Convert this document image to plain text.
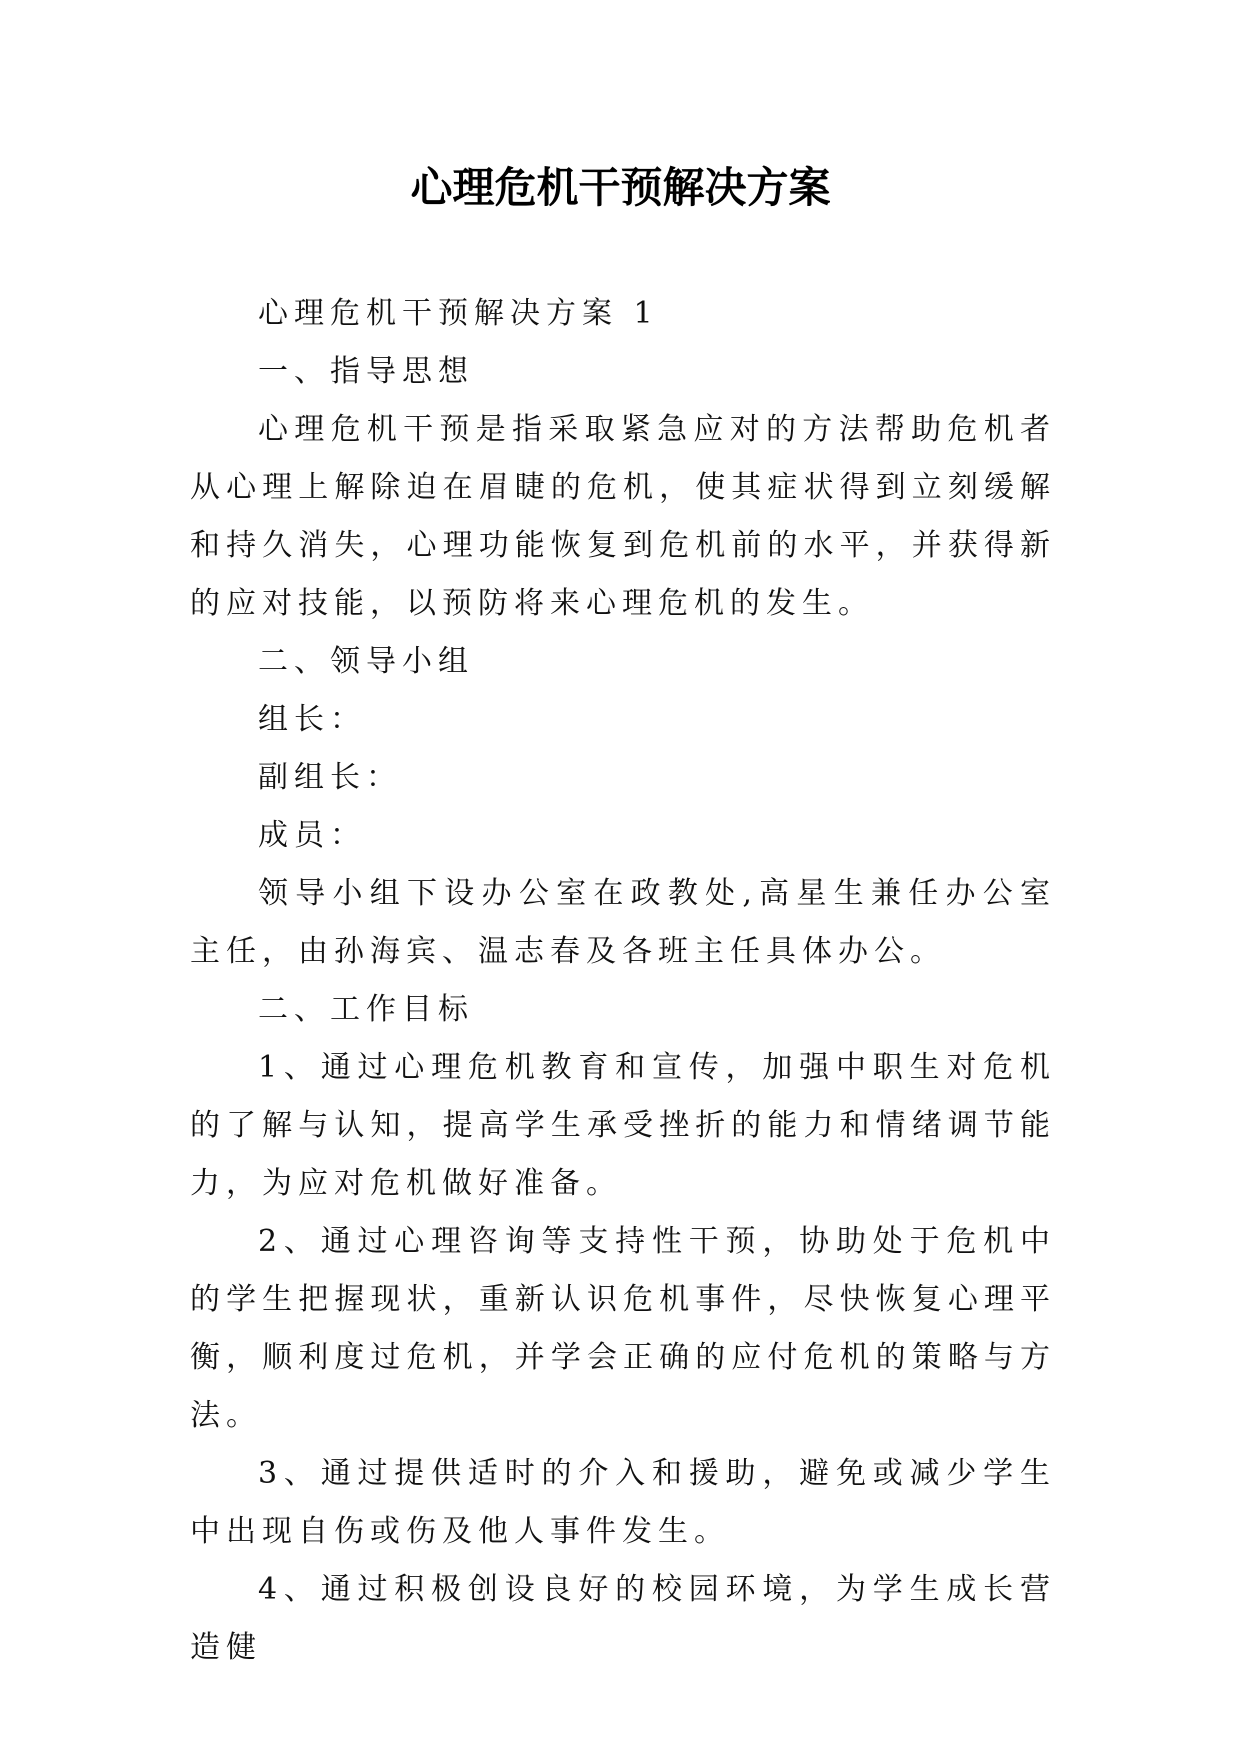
心理危机干预解决方案

心理危机干预解决方案 1

一、指导思想

心理危机干预是指采取紧急应对的方法帮助危机者从心理上解除迫在眉睫的危机，使其症状得到立刻缓解和持久消失，心理功能恢复到危机前的水平，并获得新的应对技能，以预防将来心理危机的发生。

二、领导小组

组长：

副组长：

成员：

领导小组下设办公室在政教处,高星生兼任办公室主任，由孙海宾、温志春及各班主任具体办公。

二、工作目标

1、通过心理危机教育和宣传，加强中职生对危机的了解与认知，提高学生承受挫折的能力和情绪调节能力，为应对危机做好准备。

2、通过心理咨询等支持性干预，协助处于危机中的学生把握现状，重新认识危机事件，尽快恢复心理平衡，顺利度过危机，并学会正确的应付危机的策略与方法。

3、通过提供适时的介入和援助，避免或减少学生中出现自伤或伤及他人事件发生。

4、通过积极创设良好的校园环境，为学生成长营造健
